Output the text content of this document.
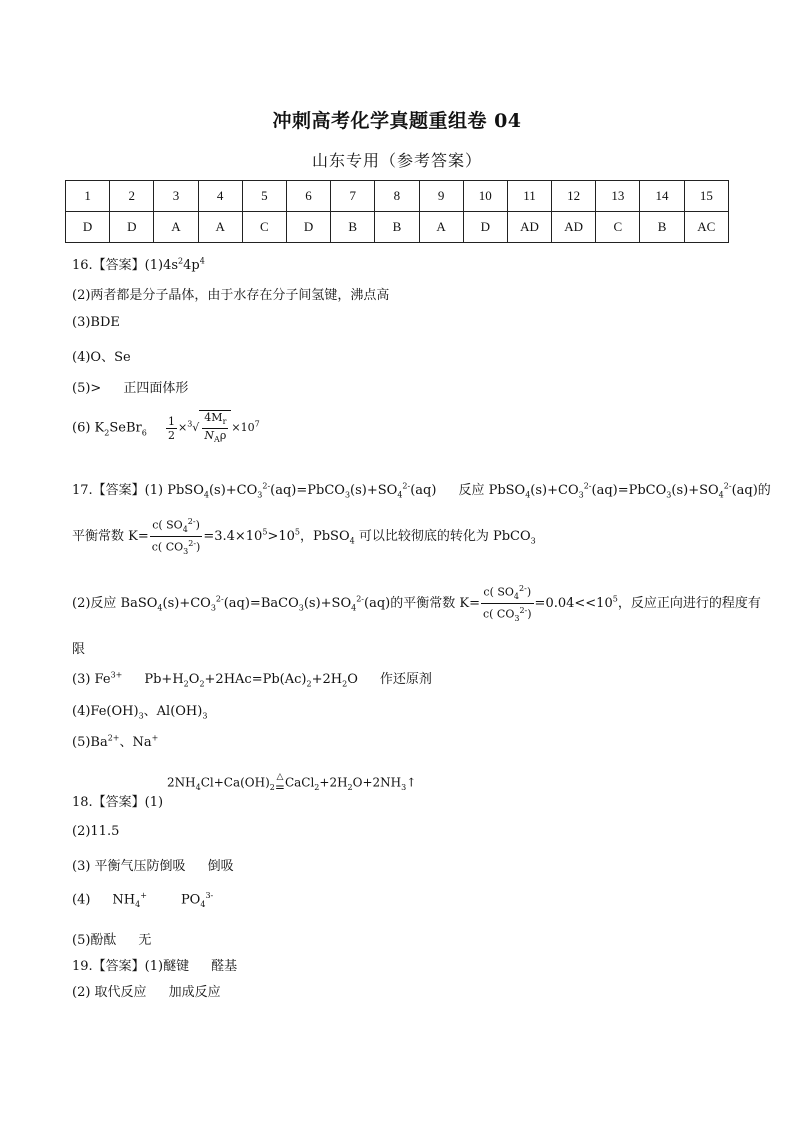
冲刺高考化学真题重组卷 04
山东专用（参考答案）
1	2	3	4	5	6	7	8	9	10	11	12	13	14	15
D	D	A	A	C	D	B	B	A	D	AD	AD	C	B	AC
16.【答案】$(1)4s^24p^4$
(2)两者都是分子晶体，由于水存在分子间氢键，沸点高
(3)BDE
(4)O、Se
(5)> 正四面体形
(6) $K_2SeBr_6 \frac{1}{2} \times^3√ \frac{4M_r}{N_A\rho} \times 10^7$
17.【答案】(1) $PbSO_4(s)+CO_3^{2-}(aq)=PbCO_3(s)+SO_4^{2-}(aq)$ 反应 $PbSO_4(s)+CO_3^{2-}(aq)=PbCO_3(s)+SO_4^{2-}(aq)$的
平衡常数 $K= \frac{c( SO_4^{2-})}{c( CO_3^{2-})} =3.4\times 10^5>10^5$，PbSO$_4$ 可以比较彻底的转化为 PbCO$_3$
(2)反应 $BaSO_4(s)+CO_3^{2-}(aq)=BaCO_3(s)+SO_4^{2-}(aq)$的平衡常数 $K= \frac{c( SO_4^{2-})}{c( CO_3^{2-})} =0.04<<10^5$，反应正向进行的程度有
限
(3) $Fe^{3+}$ $Pb+H_2O_2+2HAc=Pb(Ac)_2+2H_2O$ 作还原剂
$(4)Fe(OH)_3$、$Al(OH)_3$
$(5)Ba^{2+}$、Na+
$2NH_4Cl+Ca(OH)_2$
△
= $CaCl_2+2H_2O+2NH_3↑$
18.【答案】(1)
(2)11.5
(3) 平衡气压防倒吸 倒吸
(4) $NH_4^+$	$PO_4^{3-}$
(5)酚酞 无
19.【答案】(1)醚键 醛基
(2) 取代反应 加成反应
